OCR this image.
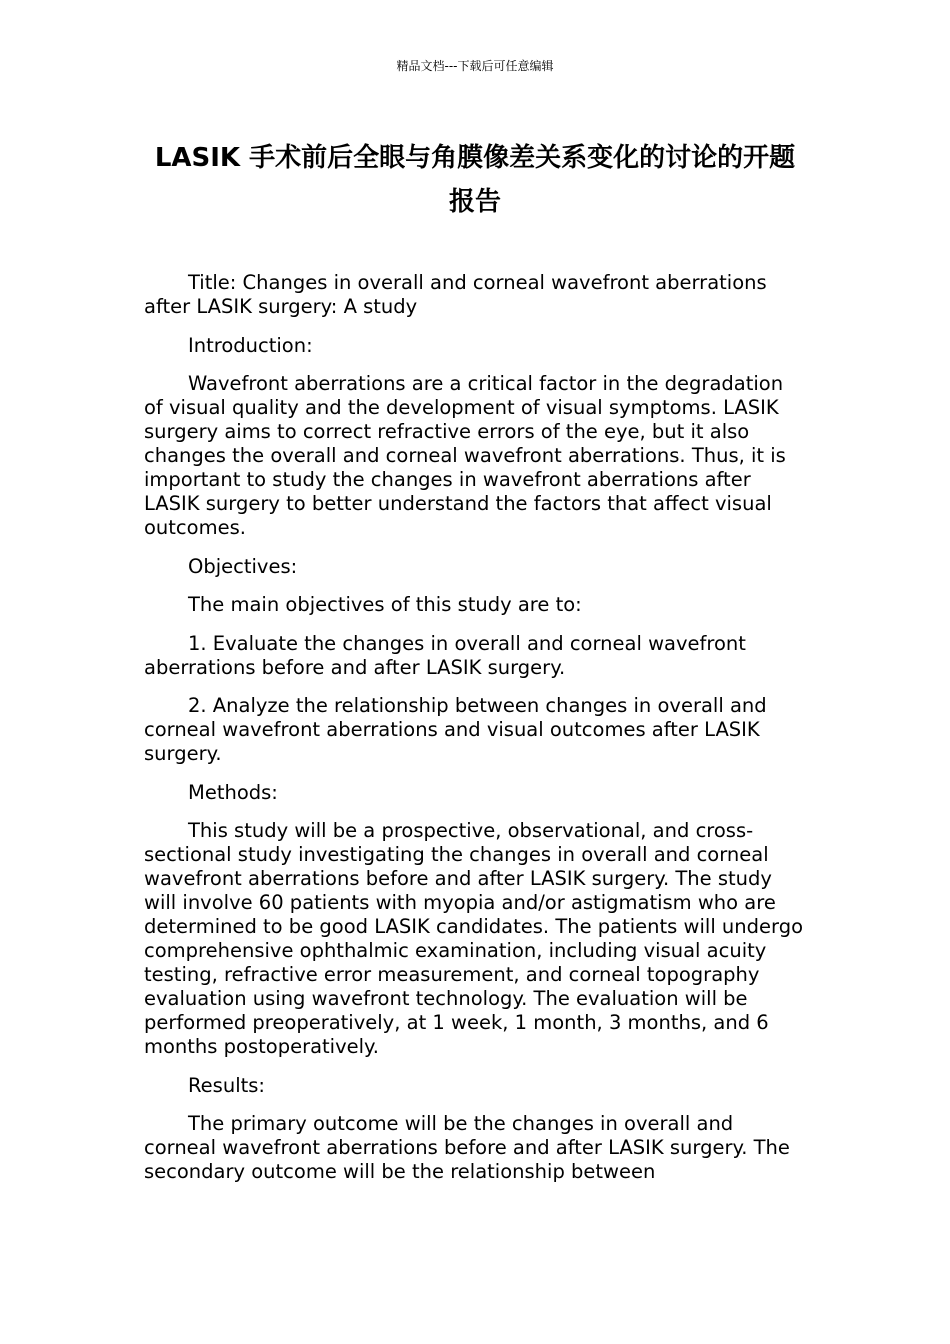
精品文档---下载后可任意编辑
LASIK 手术前后全眼与角膜像差关系变化的讨论的开题报告

Title: Changes in overall and corneal wavefront aberrations after LASIK surgery: A study

Introduction:

Wavefront aberrations are a critical factor in the degradation of visual quality and the development of visual symptoms. LASIK surgery aims to correct refractive errors of the eye, but it also changes the overall and corneal wavefront aberrations. Thus, it is important to study the changes in wavefront aberrations after LASIK surgery to better understand the factors that affect visual outcomes.

Objectives:

The main objectives of this study are to:

1. Evaluate the changes in overall and corneal wavefront aberrations before and after LASIK surgery.

2. Analyze the relationship between changes in overall and corneal wavefront aberrations and visual outcomes after LASIK surgery.

Methods:

This study will be a prospective, observational, and cross-sectional study investigating the changes in overall and corneal wavefront aberrations before and after LASIK surgery. The study will involve 60 patients with myopia and/or astigmatism who are determined to be good LASIK candidates. The patients will undergo comprehensive ophthalmic examination, including visual acuity testing, refractive error measurement, and corneal topography evaluation using wavefront technology. The evaluation will be performed preoperatively, at 1 week, 1 month, 3 months, and 6 months postoperatively.

Results:

The primary outcome will be the changes in overall and corneal wavefront aberrations before and after LASIK surgery. The secondary outcome will be the relationship between
